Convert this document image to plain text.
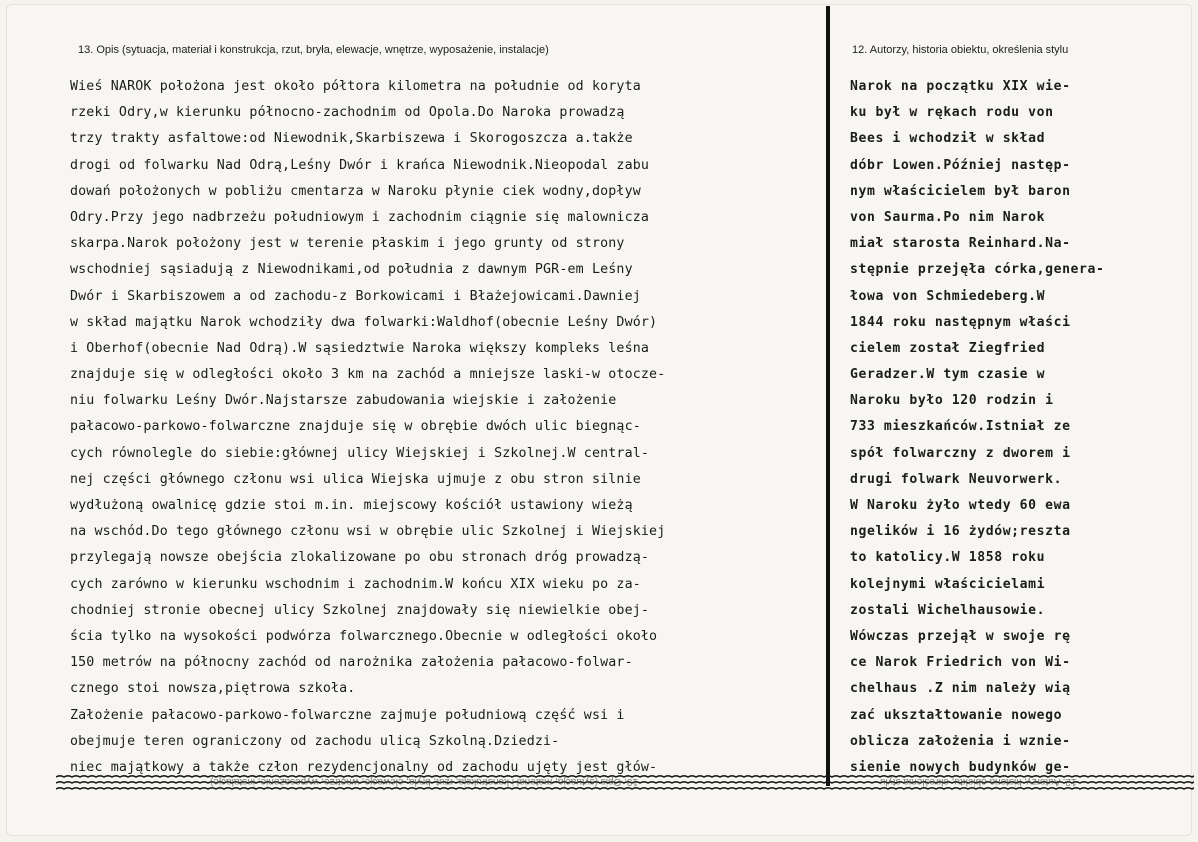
13. Opis (sytuacja, materiał i konstrukcja, rzut, bryła, elewacje, wnętrze, wyposażenie, instalacje)	12. Autorzy, historia obiektu, określenia stylu
Wieś NAROK położona jest około półtora kilometra na południe od koryta
rzeki Odry,w kierunku północno-zachodnim od Opola.Do Naroka prowadzą
trzy trakty asfaltowe:od Niewodnik,Skarbiszewa i Skorogoszcza a.także
drogi od folwarku Nad Odrą,Leśny Dwór i krańca Niewodnik.Nieopodal zabu
dowań położonych w pobliżu cmentarza w Naroku płynie ciek wodny,dopływ
Odry.Przy jego nadbrzeżu południowym i zachodnim ciągnie się malownicza
skarpa.Narok położony jest w terenie płaskim i jego grunty od strony
wschodniej sąsiadują z Niewodnikami,od południa z dawnym PGR-em Leśny
Dwór i Skarbiszowem a od zachodu-z Borkowicami i Błażejowicami.Dawniej
w skład majątku Narok wchodziły dwa folwarki:Waldhof(obecnie Leśny Dwór)
i Oberhof(obecnie Nad Odrą).W sąsiedztwie Naroka większy kompleks leśna
znajduje się w odległości około 3 km na zachód a mniejsze laski-w otocze-
niu folwarku Leśny Dwór.Najstarsze zabudowania wiejskie i założenie
pałacowo-parkowo-folwarczne znajduje się w obrębie dwóch ulic biegnąc-
cych równolegle do siebie:głównej ulicy Wiejskiej i Szkolnej.W central-
nej części głównego członu wsi ulica Wiejska ujmuje z obu stron silnie
wydłużoną owalnicę gdzie stoi m.in. miejscowy kościół ustawiony wieżą
na wschód.Do tego głównego członu wsi w obrębie ulic Szkolnej i Wiejskiej
przylegają nowsze obejścia zlokalizowane po obu stronach dróg prowadzą-
cych zarówno w kierunku wschodnim i zachodnim.W końcu XIX wieku po za-
chodniej stronie obecnej ulicy Szkolnej znajdowały się niewielkie obej-
ścia tylko na wysokości podwórza folwarcznego.Obecnie w odległości około
150 metrów na północny zachód od narożnika założenia pałacowo-folwar-
cznego stoi nowsza,piętrowa szkoła.
Założenie pałacowo-parkowo-folwarczne zajmuje południową część wsi i
obejmuje teren ograniczony od zachodu ulicą Szkolną.Dziedzi-
niec majątkowy a także człon rezydencjonalny od zachodu ujęty jest głów-
Narok na początku XIX wie-
ku był w rękach rodu von
Bees i wchodził w skład
dóbr Lowen.Później następ-
nym właścicielem był baron
von Saurma.Po nim Narok
miał starosta Reinhard.Na-
stępnie przejęła córka,genera-
łowa von Schmiedeberg.W
1844 roku następnym właści
cielem został Ziegfried
Geradzer.W tym czasie w
Naroku było 120 rodzin i
733 mieszkańców.Istniał ze
spół folwarczny z dworem i
drugi folwark Neuvorwerk.
W Naroku żyło wtedy 60 ewa
ngelików i 16 żydów;reszta
to katolicy.W 1858 roku
kolejnymi właścicielami
zostali Wichelhausowie.
Wówczas przejął w swoje rę
ce Narok Friedrich von Wi-
chelhaus .Z nim należy wią
zać ukształtowanie nowego
oblicza założenia i wznie-
sienie nowych budynków ge-
13. Opis (sytuacja, materiał i konstrukcja, rzut, bryła, elewacje, wnętrze, wyposażenie, instalacje)	12. Autorzy, historia obiektu, określenia stylu
